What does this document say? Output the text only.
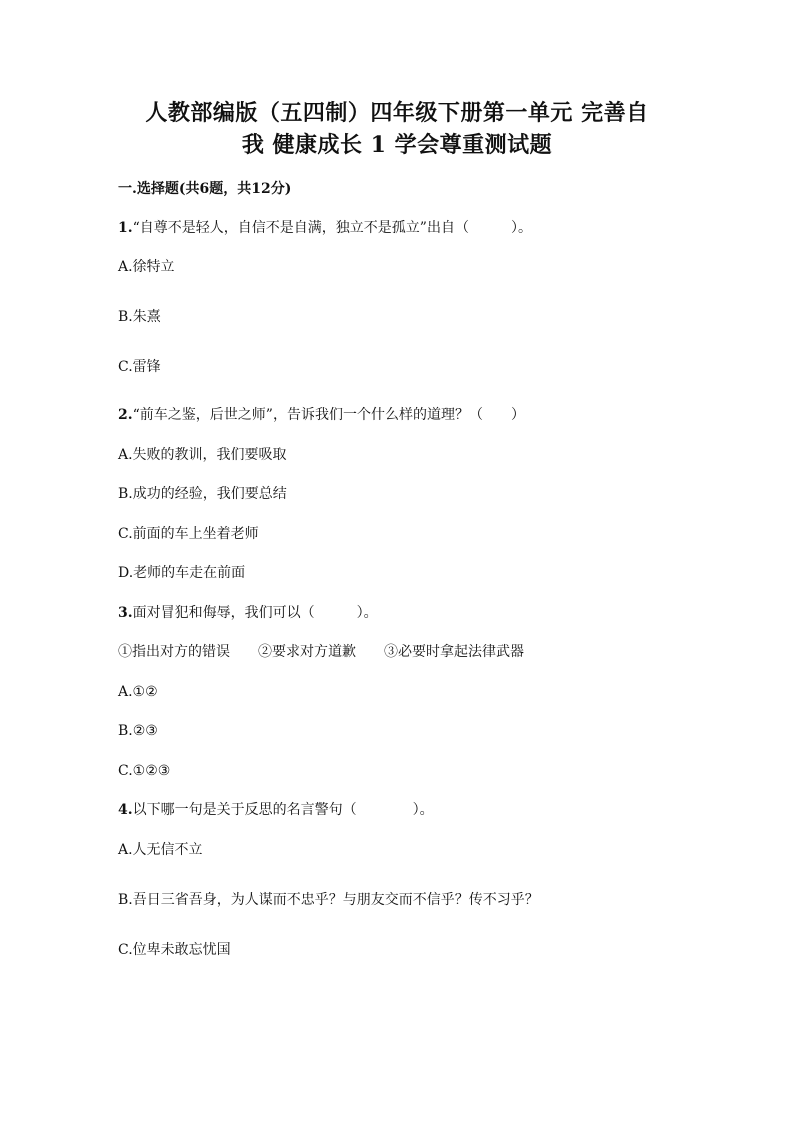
人教部编版（五四制）四年级下册第一单元 完善自
我 健康成长 1 学会尊重测试题
一.选择题(共6题，共12分)
1.“自尊不是轻人，自信不是自满，独立不是孤立”出自（　　　）。
A.徐特立
B.朱熹
C.雷锋
2.“前车之鉴，后世之师”，告诉我们一个什么样的道理？（　　）
A.失败的教训，我们要吸取
B.成功的经验，我们要总结
C.前面的车上坐着老师
D.老师的车走在前面
3.面对冒犯和侮辱，我们可以（　　　）。
①指出对方的错误　　②要求对方道歉　　③必要时拿起法律武器
A.①②
B.②③
C.①②③
4.以下哪一句是关于反思的名言警句（　　　　）。
A.人无信不立
B.吾日三省吾身，为人谋而不忠乎？与朋友交而不信乎？传不习乎？
C.位卑未敢忘忧国
